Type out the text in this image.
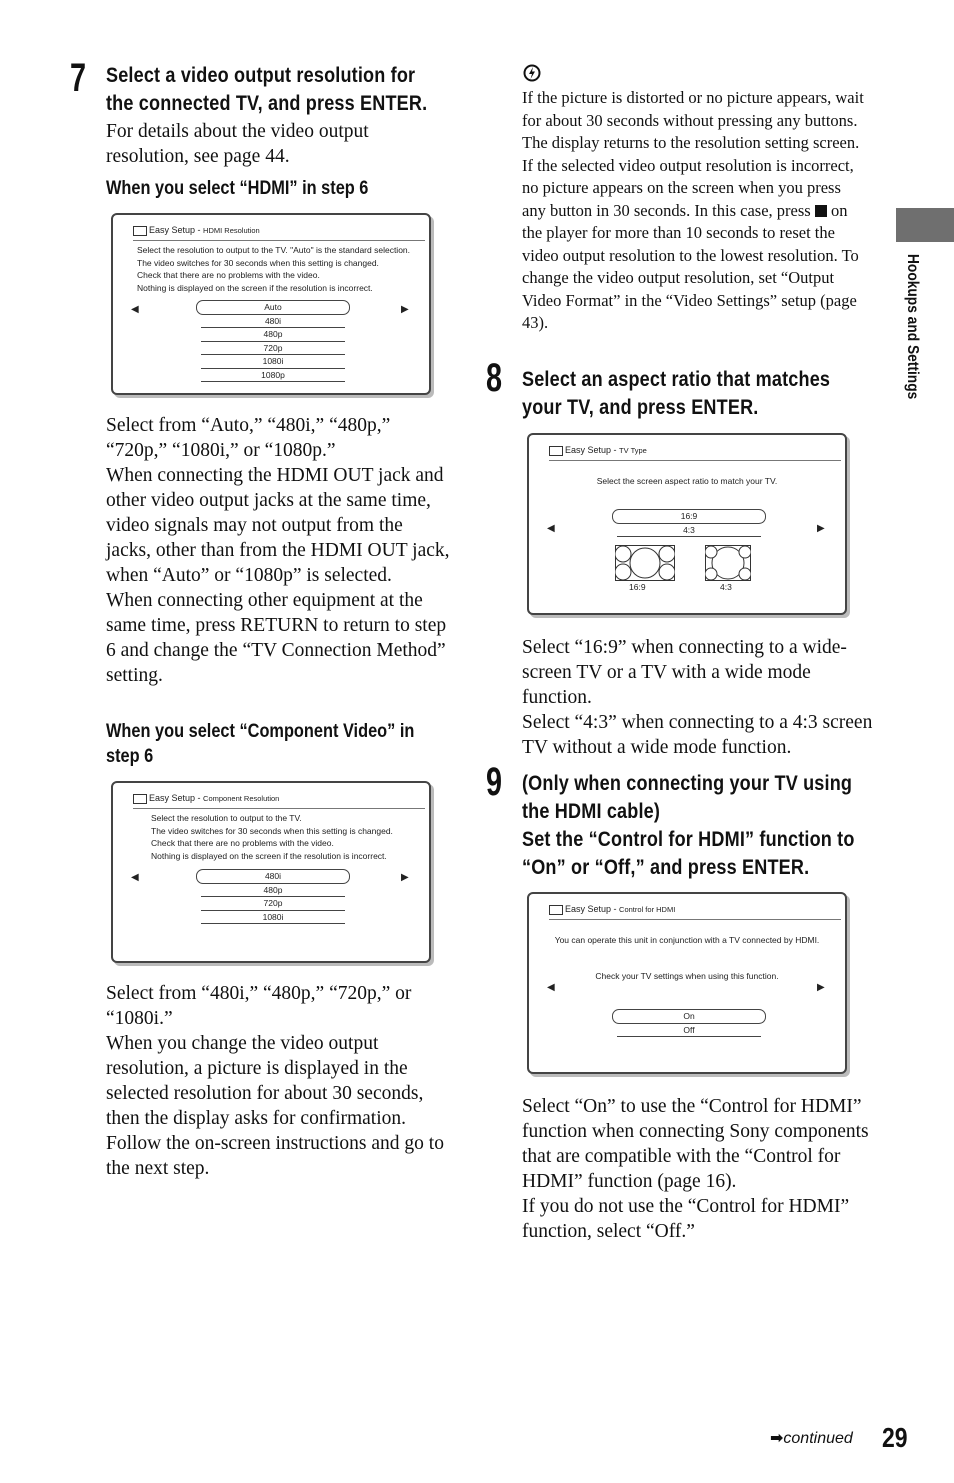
7 Select a video output resolution for
the connected TV, and press ENTER.
For details about the video output resolution, see page 44.
When you select “HDMI” in step 6
Easy Setup - HDMI Resolution
Select the resolution to output to the TV. "Auto" is the standard selection.
The video switches for 30 seconds when this setting is changed.
Check that there are no problems with the video.
Nothing is displayed on the screen if the resolution is incorrect.
◀	▶
Auto
480i
480p
720p
1080i
1080p

Select from “Auto,” “480i,” “480p,” “720p,” “1080i,” or “1080p.”

When connecting the HDMI OUT jack and other video output jacks at the same time, video signals may not output from the jacks, other than from the HDMI OUT jack, when “Auto” or “1080p” is selected.

When connecting other equipment at the same time, press RETURN to return to step 6 and change the “TV Connection Method” setting.

When you select “Component Video” in
step 6
Easy Setup - Component Resolution
Select the resolution to output to the TV.
The video switches for 30 seconds when this setting is changed.
Check that there are no problems with the video.
Nothing is displayed on the screen if the resolution is incorrect.
◀	▶
480i
480p
720p
1080i

Select from “480i,” “480p,” “720p,” or “1080i.”

When you change the video output resolution, a picture is displayed in the selected resolution for about 30 seconds, then the display asks for confirmation. Follow the on-screen instructions and go to the next step.

If the picture is distorted or no picture appears, wait for about 30 seconds without pressing any buttons. The display returns to the resolution setting screen.

If the selected video output resolution is incorrect, no picture appears on the screen when you press any button in 30 seconds. In this case, press on the player for more than 10 seconds to reset the video output resolution to the lowest resolution. To change the video output resolution, set “Output Video Format” in the “Video Settings” setup (page 43).

8 Select an aspect ratio that matches
your TV, and press ENTER.
Easy Setup - TV Type
Select the screen aspect ratio to match your TV.
◀	▶
16:9
4:3
16:9	4:3

Select “16:9” when connecting to a wide-screen TV or a TV with a wide mode function.

Select “4:3” when connecting to a 4:3 screen TV without a wide mode function.

9 (Only when connecting your TV using
the HDMI cable)
Set the “Control for HDMI” function to
“On” or “Off,” and press ENTER.
Easy Setup - Control for HDMI
You can operate this unit in conjunction with a TV connected by HDMI.
Check your TV settings when using this function.
◀	▶
On
Off

Select “On” to use the “Control for HDMI” function when connecting Sony components that are compatible with the “Control for HDMI” function (page 16).

If you do not use the “Control for HDMI” function, select “Off.”

Hookups and Settings
➡continued 29
